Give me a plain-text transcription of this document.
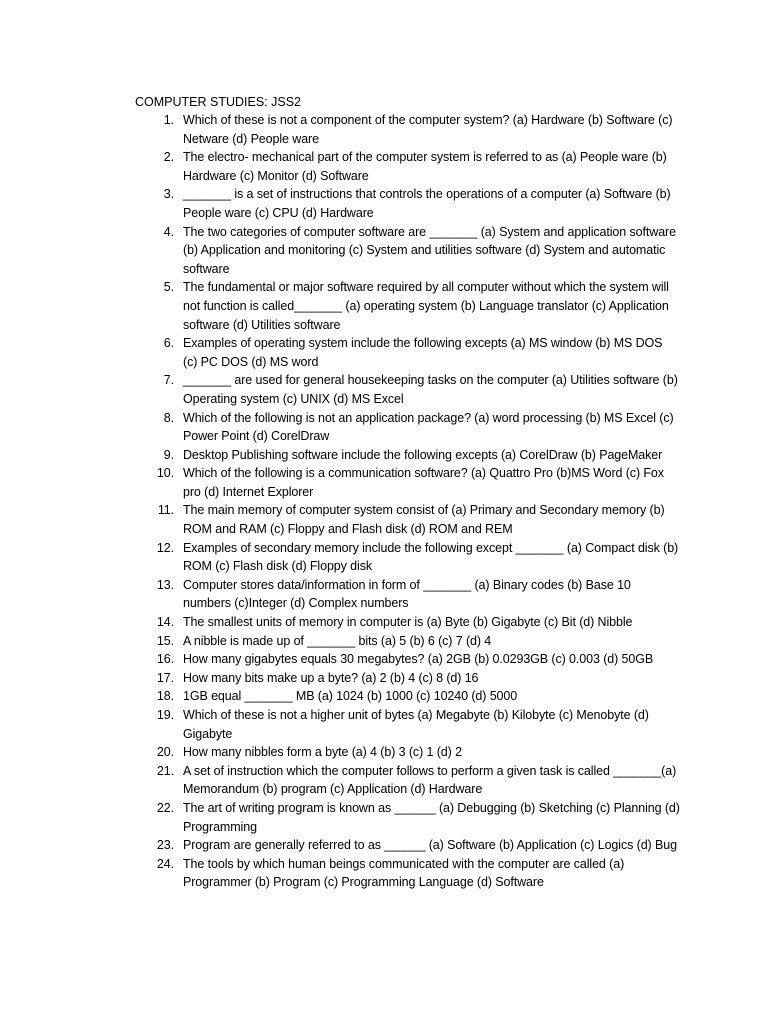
COMPUTER STUDIES: JSS2
1. Which of these is not a component of the computer system? (a) Hardware (b) Software (c) Netware (d) People ware
2. The electro- mechanical part of the computer system is referred to as (a) People ware (b) Hardware (c) Monitor (d) Software
3. _______ is a set of instructions that controls the operations of a computer (a) Software (b) People ware (c) CPU (d) Hardware
4. The two categories of computer software are _______ (a) System and application software (b) Application and monitoring (c) System and utilities software (d) System and automatic software
5. The fundamental or major software required by all computer without which the system will not function is called_______ (a) operating system (b) Language translator (c) Application software (d) Utilities software
6. Examples of operating system include the following excepts (a) MS window (b) MS DOS (c) PC DOS (d) MS word
7. _______ are used for general housekeeping tasks on the computer (a) Utilities software (b) Operating system (c) UNIX (d) MS Excel
8. Which of the following is not an application package? (a) word processing (b) MS Excel (c) Power Point (d) CorelDraw
9. Desktop Publishing software include the following excepts (a) CorelDraw (b) PageMaker
10. Which of the following is a communication software? (a) Quattro Pro (b)MS Word (c) Fox pro (d) Internet Explorer
11. The main memory of computer system consist of (a) Primary and Secondary memory (b) ROM and RAM (c) Floppy and Flash disk (d) ROM and REM
12. Examples of secondary memory include the following except _______ (a) Compact disk (b) ROM (c) Flash disk (d) Floppy disk
13. Computer stores data/information in form of _______ (a) Binary codes (b) Base 10 numbers (c)Integer (d) Complex numbers
14. The smallest units of memory in computer is (a) Byte (b) Gigabyte (c) Bit (d) Nibble
15. A nibble is made up of _______ bits (a) 5 (b) 6 (c) 7 (d) 4
16. How many gigabytes equals 30 megabytes? (a) 2GB (b) 0.0293GB (c) 0.003 (d) 50GB
17. How many bits make up a byte? (a) 2 (b) 4 (c) 8 (d) 16
18. 1GB equal _______ MB (a) 1024 (b) 1000 (c) 10240 (d) 5000
19. Which of these is not a higher unit of bytes (a) Megabyte (b) Kilobyte (c) Menobyte (d) Gigabyte
20. How many nibbles form a byte (a) 4 (b) 3 (c) 1 (d) 2
21. A set of instruction which the computer follows to perform a given task is called _______(a) Memorandum (b) program (c) Application (d) Hardware
22. The art of writing program is known as ______ (a) Debugging (b) Sketching (c) Planning (d) Programming
23. Program are generally referred to as ______ (a) Software (b) Application (c) Logics (d) Bug
24. The tools by which human beings communicated with the computer are called (a) Programmer (b) Program (c) Programming Language (d) Software
